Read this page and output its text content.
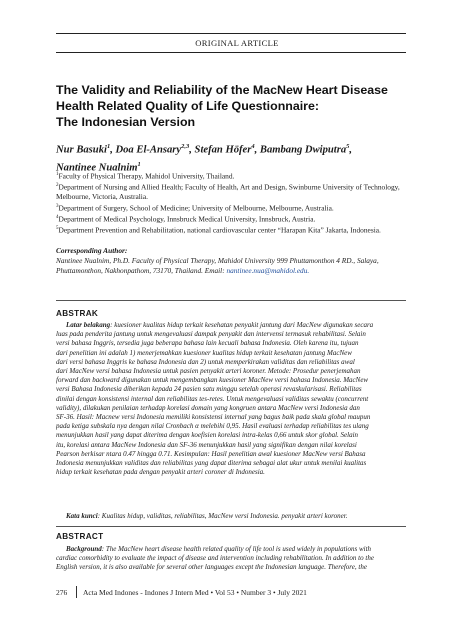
ORIGINAL ARTICLE
The Validity and Reliability of the MacNew Heart Disease
Health Related Quality of Life Questionnaire:
The Indonesian Version
Nur Basuki$^1$, Doa El-Ansary$^{2,3}$, Stefan Höfer$^4$, Bambang Dwiputra$^5$,
Nantinee Nualnim$^1$
$^1$Faculty of Physical Therapy, Mahidol University, Thailand.
$^2$Department of Nursing and Allied Health; Faculty of Health, Art and Design, Swinburne University of Technology, Melbourne, Victoria, Australia.
$^3$Department of Surgery, School of Medicine; University of Melbourne, Melbourne, Australia.
$^4$Department of Medical Psychology, Innsbruck Medical University, Innsbruck, Austria.
$^5$Department Prevention and Rehabilitation, national cardiovascular center “Harapan Kita” Jakarta, Indonesia.
Corresponding Author:
Nantinee Nualnim, Ph.D. Faculty of Physical Therapy, Mahidol University 999 Phuttamonthon 4 RD., Salaya, Phuttamonthon, Nakhonpathom, 73170, Thailand. Email: nantinee.nua@mahidol.edu.
ABSTRAK
Latar belakang: kuesioner kualitas hidup terkait kesehatan penyakit jantung dari MacNew digunakan secara
luas pada penderita jantung untuk mengevaluasi dampak penyakit dan intervensi termasuk rehabilitasi. Selain
versi bahasa Inggris, tersedia juga beberapa bahasa lain kecuali bahasa Indonesia. Oleh karena itu, tujuan
dari penelitian ini adalah 1) menerjemahkan kuesioner kualitas hidup terkait kesehatan jantung MacNew
dari versi bahasa Inggris ke bahasa Indonesia dan 2) untuk memperkirakan validitas dan reliabilitas awal
dari MacNew versi bahasa Indonesia untuk pasien penyakit arteri koroner. Metode: Prosedur penerjemahan
forward dan backward digunakan untuk mengembangkan kuesioner MacNew versi bahasa Indonesia. MacNew
versi Bahasa Indonesia diberikan kepada 24 pasien satu minggu setelah operasi revaskularisasi. Reliabilitas
dinilai dengan konsistensi internal dan reliabilitas tes-retes. Untuk mengevaluasi validitas sewaktu (concurrent
validity), dilakukan penilaian terhadap korelasi domain yang kongruen antara MacNew versi Indonesia dan
SF-36. Hasil: Macnew versi Indonesia memiliki konsistensi internal yang bagus baik pada skala global maupun
pada ketiga subskala nya dengan nilai Cronbach α melebihi 0,95. Hasil evaluasi terhadap reliabilitas tes ulang
menunjukkan hasil yang dapat diterima dengan koefisien korelasi intra-kelas 0,66 untuk skor global. Selain
itu, korelasi antara MacNew Indonesia dan SF-36 menunjukkan hasil yang signifikan dengan nilai korelasi
Pearson berkisar ntara 0.47 hingga 0.71. Kesimpulan: Hasil penelitian awal kuesioner MacNew versi Bahasa
Indonesia menunjukkan validitas dan reliabilitas yang dapat diterima sebagai alat ukur untuk menilai kualitas
hidup terkait kesehatan pada dengan penyakit arteri coroner di Indonesia.
Kata kunci: Kualitas hidup, validitas, reliabilitas, MacNew versi Indonesia. penyakit arteri koroner.
ABSTRACT
Background: The MacNew heart disease health related quality of life tool is used widely in populations with
cardiac comorbidity to evaluate the impact of disease and intervention including rehabilitation. In addition to the
English version, it is also available for several other languages except the Indonesian language. Therefore, the
276 Acta Med Indones - Indones J Intern Med • Vol 53 • Number 3 • July 2021
